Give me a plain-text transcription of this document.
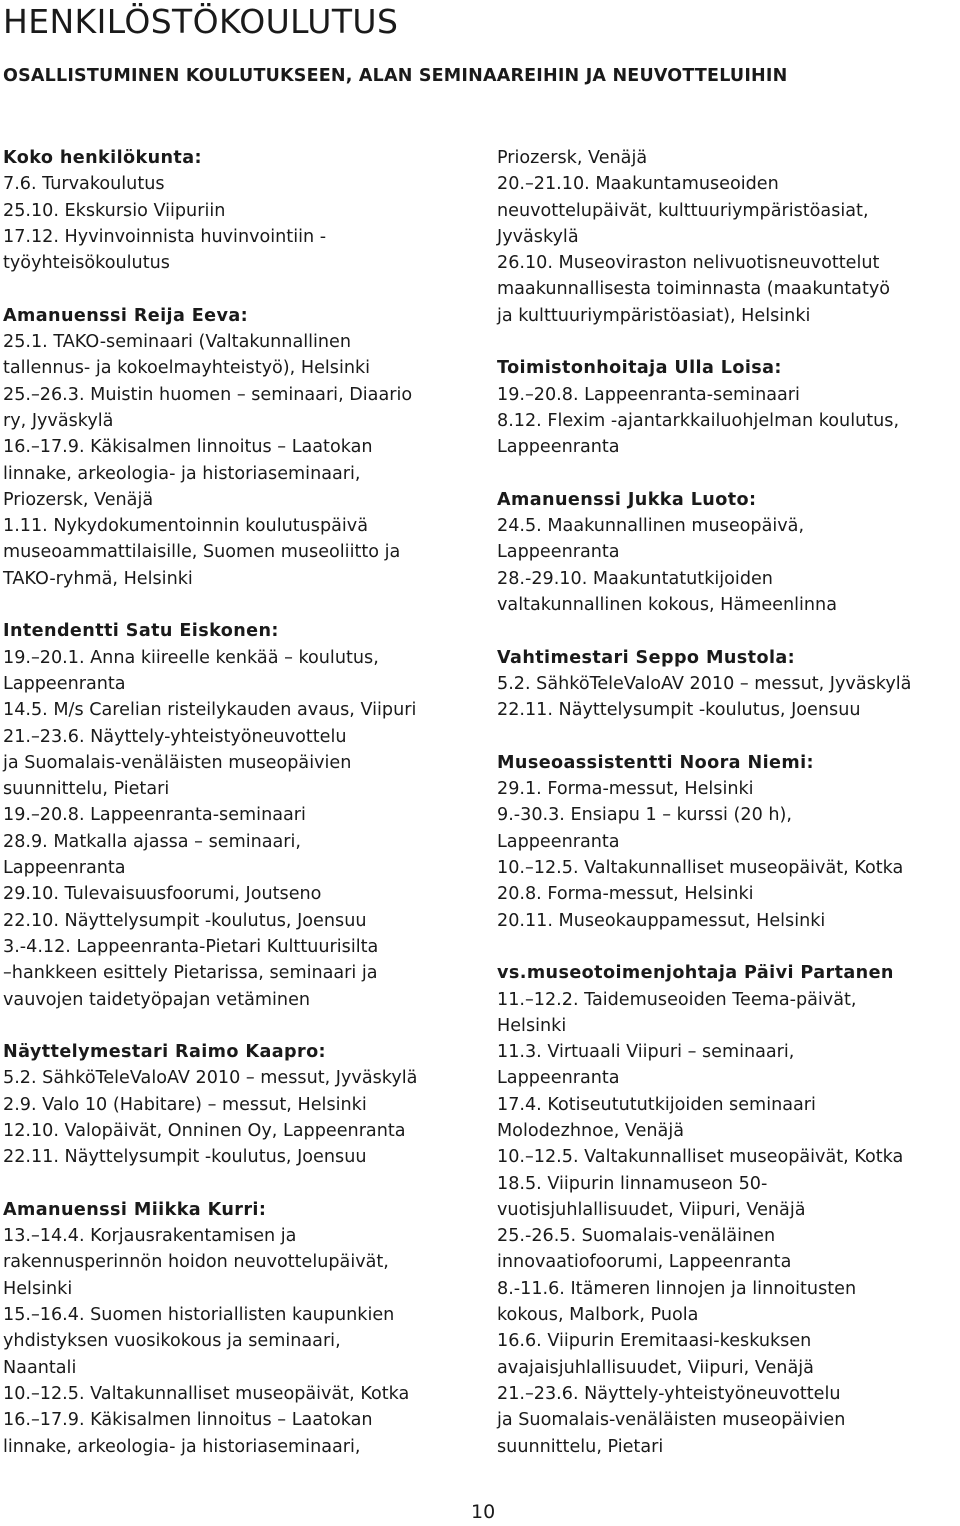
HENKILÖSTÖKOULUTUS
OSALLISTUMINEN KOULUTUKSEEN, ALAN SEMINAAREIHIN JA NEUVOTTELUIHIN
Koko henkilökunta:
7.6. Turvakoulutus
25.10. Ekskursio Viipuriin
17.12. Hyvinvoinnista huvinvointiin -
työyhteisökoulutus
Amanuenssi Reija Eeva:
25.1. TAKO-seminaari (Valtakunnallinen
tallennus- ja kokoelmayhteistyö), Helsinki
25.–26.3. Muistin huomen – seminaari, Diaario
ry, Jyväskylä
16.–17.9. Käkisalmen linnoitus – Laatokan
linnake, arkeologia- ja historiaseminaari,
Priozersk, Venäjä
1.11. Nykydokumentoinnin koulutuspäivä
museoammattilaisille, Suomen museoliitto ja
TAKO-ryhmä, Helsinki
Intendentti Satu Eiskonen:
19.–20.1. Anna kiireelle kenkää – koulutus,
Lappeenranta
14.5. M/s Carelian risteilykauden avaus, Viipuri
21.–23.6. Näyttely-yhteistyöneuvottelu
ja Suomalais-venäläisten museopäivien
suunnittelu, Pietari
19.–20.8. Lappeenranta-seminaari
28.9. Matkalla ajassa – seminaari,
Lappeenranta
29.10. Tulevaisuusfoorumi, Joutseno
22.10. Näyttelysumpit -koulutus, Joensuu
3.-4.12. Lappeenranta-Pietari Kulttuurisilta
–hankkeen esittely Pietarissa, seminaari ja
vauvojen taidetyöpajan vetäminen
Näyttelymestari Raimo Kaapro:
5.2. SähköTeleValoAV 2010 – messut, Jyväskylä
2.9. Valo 10 (Habitare) – messut, Helsinki
12.10. Valopäivät, Onninen Oy, Lappeenranta
22.11. Näyttelysumpit -koulutus, Joensuu
Amanuenssi Miikka Kurri:
13.–14.4. Korjausrakentamisen ja
rakennusperinnön hoidon neuvottelupäivät,
Helsinki
15.–16.4. Suomen historiallisten kaupunkien
yhdistyksen vuosikokous ja seminaari,
Naantali
10.–12.5. Valtakunnalliset museopäivät, Kotka
16.–17.9. Käkisalmen linnoitus – Laatokan
linnake, arkeologia- ja historiaseminaari,
Priozersk, Venäjä
20.–21.10. Maakuntamuseoiden
neuvottelupäivät, kulttuuriympäristöasiat,
Jyväskylä
26.10. Museoviraston nelivuotisneuvottelut
maakunnallisesta toiminnasta (maakuntatyö
ja kulttuuriympäristöasiat), Helsinki
Toimistonhoitaja Ulla Loisa:
19.–20.8. Lappeenranta-seminaari
8.12. Flexim -ajantarkkailuohjelman koulutus,
Lappeenranta
Amanuenssi Jukka Luoto:
24.5. Maakunnallinen museopäivä,
Lappeenranta
28.-29.10. Maakuntatutkijoiden
valtakunnallinen kokous, Hämeenlinna
Vahtimestari Seppo Mustola:
5.2. SähköTeleValoAV 2010 – messut, Jyväskylä
22.11. Näyttelysumpit -koulutus, Joensuu
Museoassistentti Noora Niemi:
29.1. Forma-messut, Helsinki
9.-30.3. Ensiapu 1 – kurssi (20 h),
Lappeenranta
10.–12.5. Valtakunnalliset museopäivät, Kotka
20.8. Forma-messut, Helsinki
20.11. Museokauppamessut, Helsinki
vs.museotoimenjohtaja Päivi Partanen
11.–12.2. Taidemuseoiden Teema-päivät,
Helsinki
11.3. Virtuaali Viipuri – seminaari,
Lappeenranta
17.4. Kotiseutututkijoiden seminaari
Molodezhnoe, Venäjä
10.–12.5. Valtakunnalliset museopäivät, Kotka
18.5. Viipurin linnamuseon 50-
vuotisjuhlallisuudet, Viipuri, Venäjä
25.-26.5. Suomalais-venäläinen
innovaatiofoorumi, Lappeenranta
8.-11.6. Itämeren linnojen ja linnoitusten
kokous, Malbork, Puola
16.6. Viipurin Eremitaasi-keskuksen
avajaisjuhlallisuudet, Viipuri, Venäjä
21.–23.6. Näyttely-yhteistyöneuvottelu
ja Suomalais-venäläisten museopäivien
suunnittelu, Pietari
10
